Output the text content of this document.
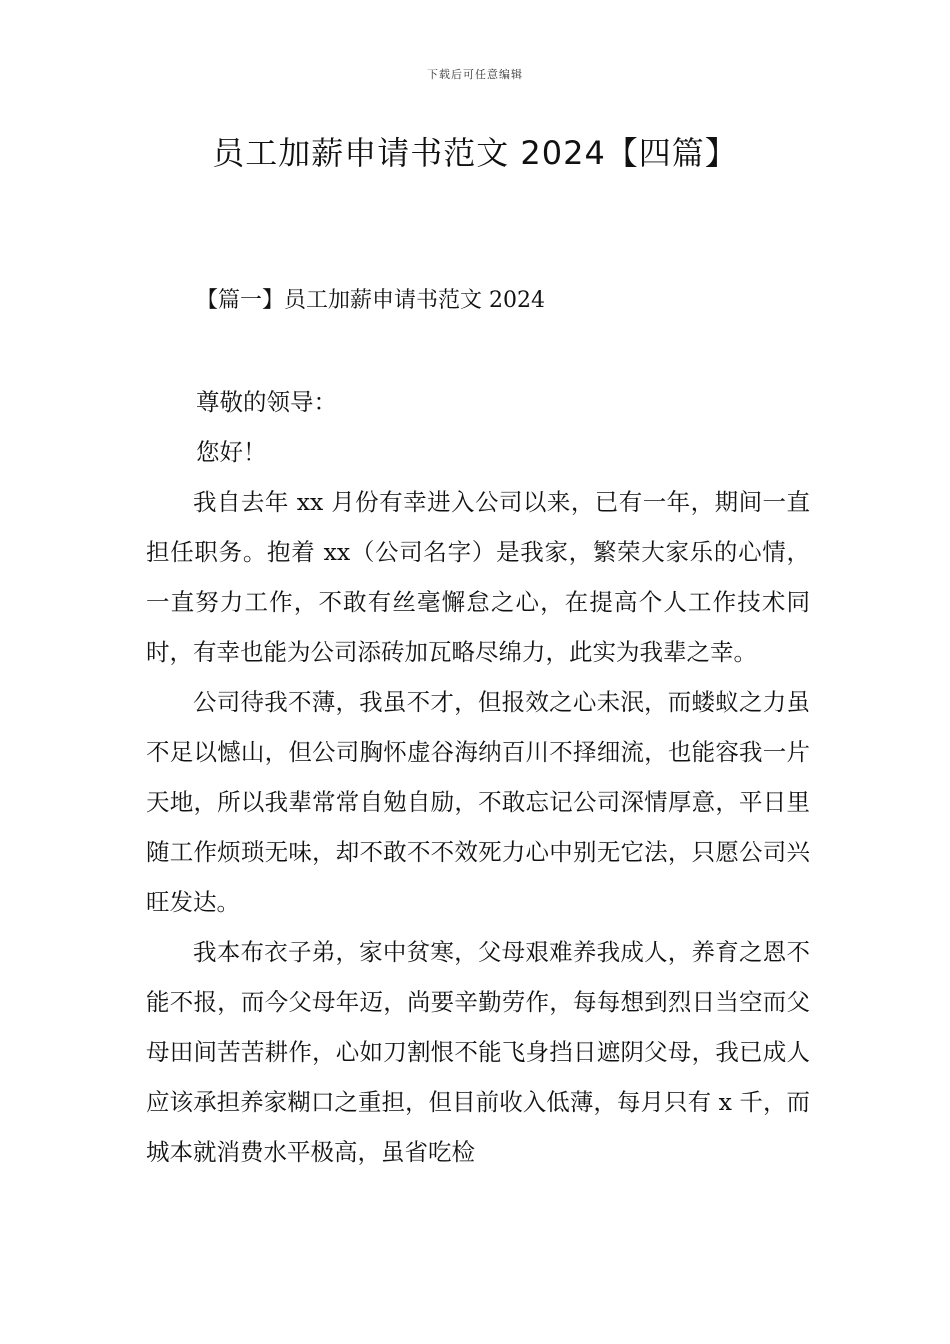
下载后可任意编辑
员工加薪申请书范文 2024【四篇】
【篇一】员工加薪申请书范文 2024

尊敬的领导：

您好！

我自去年 xx 月份有幸进入公司以来，已有一年，期间一直担任职务。抱着 xx（公司名字）是我家，繁荣大家乐的心情，一直努力工作，不敢有丝毫懈怠之心，在提高个人工作技术同时，有幸也能为公司添砖加瓦略尽绵力，此实为我辈之幸。

公司待我不薄，我虽不才，但报效之心未泯，而蝼蚁之力虽不足以憾山，但公司胸怀虚谷海纳百川不择细流，也能容我一片天地，所以我辈常常自勉自励，不敢忘记公司深情厚意，平日里随工作烦琐无味，却不敢不不效死力心中别无它法，只愿公司兴旺发达。

我本布衣子弟，家中贫寒，父母艰难养我成人，养育之恩不能不报，而今父母年迈，尚要辛勤劳作，每每想到烈日当空而父母田间苦苦耕作，心如刀割恨不能飞身挡日遮阴父母，我已成人应该承担养家糊口之重担，但目前收入低薄，每月只有 x 千，而城本就消费水平极高，虽省吃检
